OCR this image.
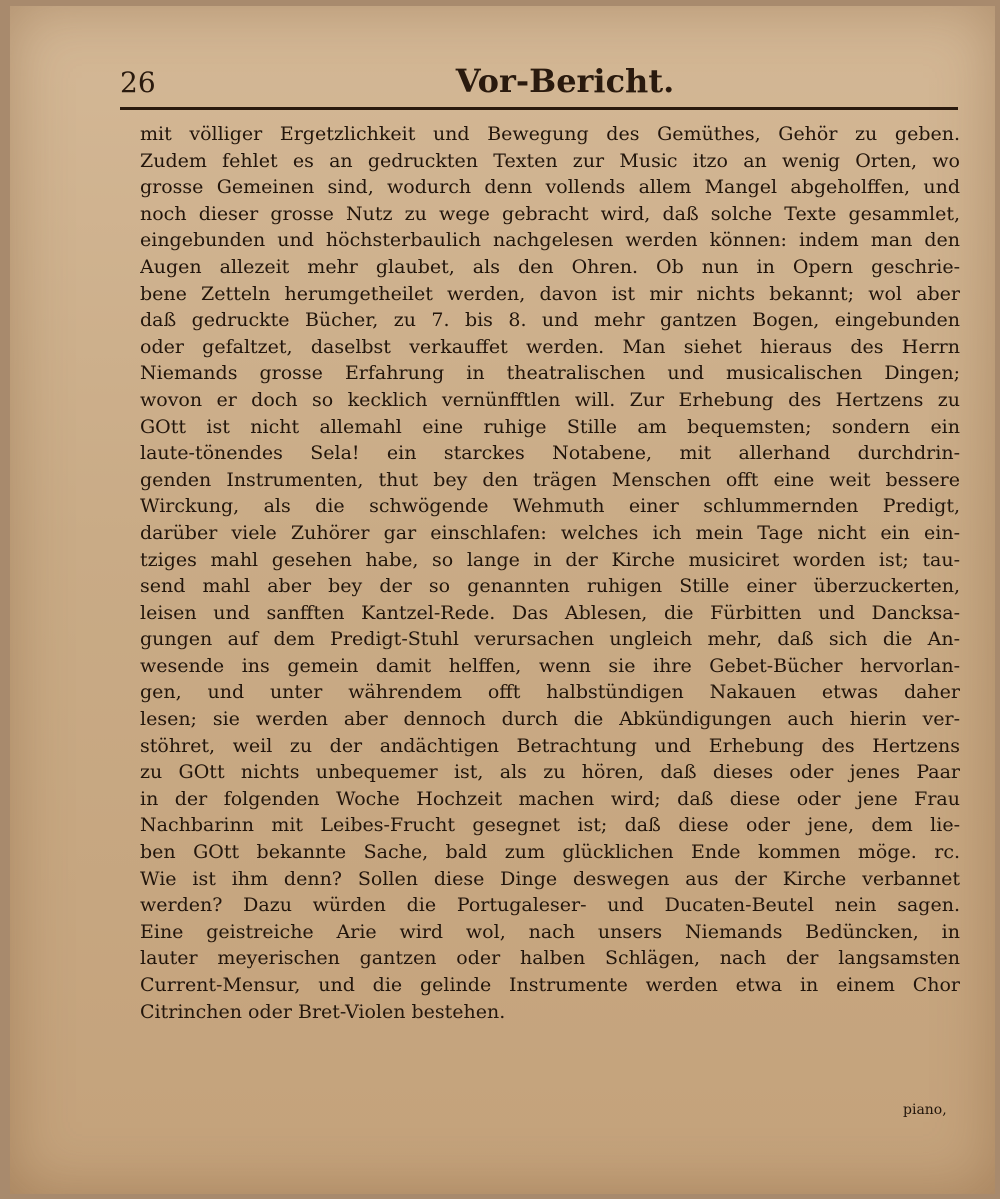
26	Vor-Bericht.
mit völliger Ergetzlichkeit und Bewegung des Gemüthes, Gehör zu geben.
Zudem fehlet es an gedruckten Texten zur Music itzo an wenig Orten, wo
grosse Gemeinen sind, wodurch denn vollends allem Mangel abgeholffen, und
noch dieser grosse Nutz zu wege gebracht wird, daß solche Texte gesammlet,
eingebunden und höchsterbaulich nachgelesen werden können: indem man den
Augen allezeit mehr glaubet, als den Ohren. Ob nun in Opern geschrie-
bene Zetteln herumgetheilet werden, davon ist mir nichts bekannt; wol aber
daß gedruckte Bücher, zu 7. bis 8. und mehr gantzen Bogen, eingebunden
oder gefaltzet, daselbst verkauffet werden. Man siehet hieraus des Herrn
Niemands grosse Erfahrung in theatralischen und musicalischen Dingen;
wovon er doch so kecklich vernünfftlen will. Zur Erhebung des Hertzens zu
GOtt ist nicht allemahl eine ruhige Stille am bequemsten; sondern ein
laute-tönendes Sela! ein starckes Notabene, mit allerhand durchdrin-
genden Instrumenten, thut bey den trägen Menschen offt eine weit bessere
Wirckung, als die schwögende Wehmuth einer schlummernden Predigt,
darüber viele Zuhörer gar einschlafen: welches ich mein Tage nicht ein ein-
tziges mahl gesehen habe, so lange in der Kirche musiciret worden ist; tau-
send mahl aber bey der so genannten ruhigen Stille einer überzuckerten,
leisen und sanfften Kantzel-Rede. Das Ablesen, die Fürbitten und Dancksa-
gungen auf dem Predigt-Stuhl verursachen ungleich mehr, daß sich die An-
wesende ins gemein damit helffen, wenn sie ihre Gebet-Bücher hervorlan-
gen, und unter währendem offt halbstündigen Nakauen etwas daher
lesen; sie werden aber dennoch durch die Abkündigungen auch hierin ver-
stöhret, weil zu der andächtigen Betrachtung und Erhebung des Hertzens
zu GOtt nichts unbequemer ist, als zu hören, daß dieses oder jenes Paar
in der folgenden Woche Hochzeit machen wird; daß diese oder jene Frau
Nachbarinn mit Leibes-Frucht gesegnet ist; daß diese oder jene, dem lie-
ben GOtt bekannte Sache, bald zum glücklichen Ende kommen möge. rc.
Wie ist ihm denn? Sollen diese Dinge deswegen aus der Kirche verbannet
werden? Dazu würden die Portugaleser- und Ducaten-Beutel nein sagen.
Eine geistreiche Arie wird wol, nach unsers Niemands Bedüncken, in
lauter meyerischen gantzen oder halben Schlägen, nach der langsamsten
Current-Mensur, und die gelinde Instrumente werden etwa in einem Chor
Citrinchen oder Bret-Violen bestehen.
piano,
